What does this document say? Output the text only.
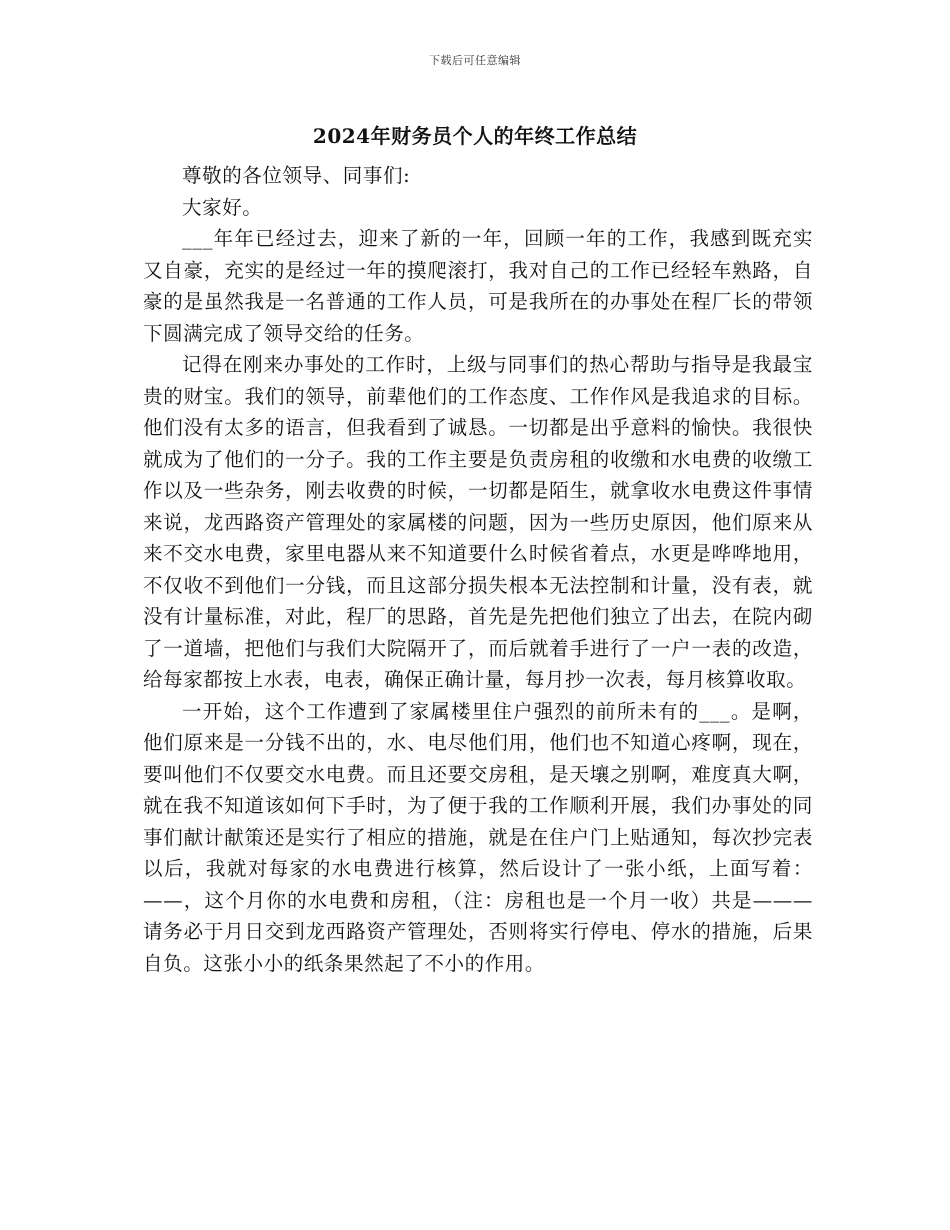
下载后可任意编辑
2024年财务员个人的年终工作总结

尊敬的各位领导、同事们:

大家好。

___年年已经过去，迎来了新的一年，回顾一年的工作，我感到既充实又自豪，充实的是经过一年的摸爬滚打，我对自己的工作已经轻车熟路，自豪的是虽然我是一名普通的工作人员，可是我所在的办事处在程厂长的带领下圆满完成了领导交给的任务。

记得在刚来办事处的工作时，上级与同事们的热心帮助与指导是我最宝贵的财宝。我们的领导，前辈他们的工作态度、工作作风是我追求的目标。他们没有太多的语言，但我看到了诚恳。一切都是出乎意料的愉快。我很快就成为了他们的一分子。我的工作主要是负责房租的收缴和水电费的收缴工作以及一些杂务，刚去收费的时候，一切都是陌生，就拿收水电费这件事情来说，龙西路资产管理处的家属楼的问题，因为一些历史原因，他们原来从来不交水电费，家里电器从来不知道要什么时候省着点，水更是哗哗地用，不仅收不到他们一分钱，而且这部分损失根本无法控制和计量，没有表，就没有计量标准，对此，程厂的思路，首先是先把他们独立了出去，在院内砌了一道墙，把他们与我们大院隔开了，而后就着手进行了一户一表的改造，给每家都按上水表，电表，确保正确计量，每月抄一次表，每月核算收取。

一开始，这个工作遭到了家属楼里住户强烈的前所未有的___。是啊，他们原来是一分钱不出的，水、电尽他们用，他们也不知道心疼啊，现在，要叫他们不仅要交水电费。而且还要交房租，是天壤之别啊，难度真大啊，就在我不知道该如何下手时，为了便于我的工作顺利开展，我们办事处的同事们献计献策还是实行了相应的措施，就是在住户门上贴通知，每次抄完表以后，我就对每家的水电费进行核算，然后设计了一张小纸，上面写着：——，这个月你的水电费和房租，（注：房租也是一个月一收）共是———请务必于月日交到龙西路资产管理处，否则将实行停电、停水的措施，后果自负。这张小小的纸条果然起了不小的作用。
